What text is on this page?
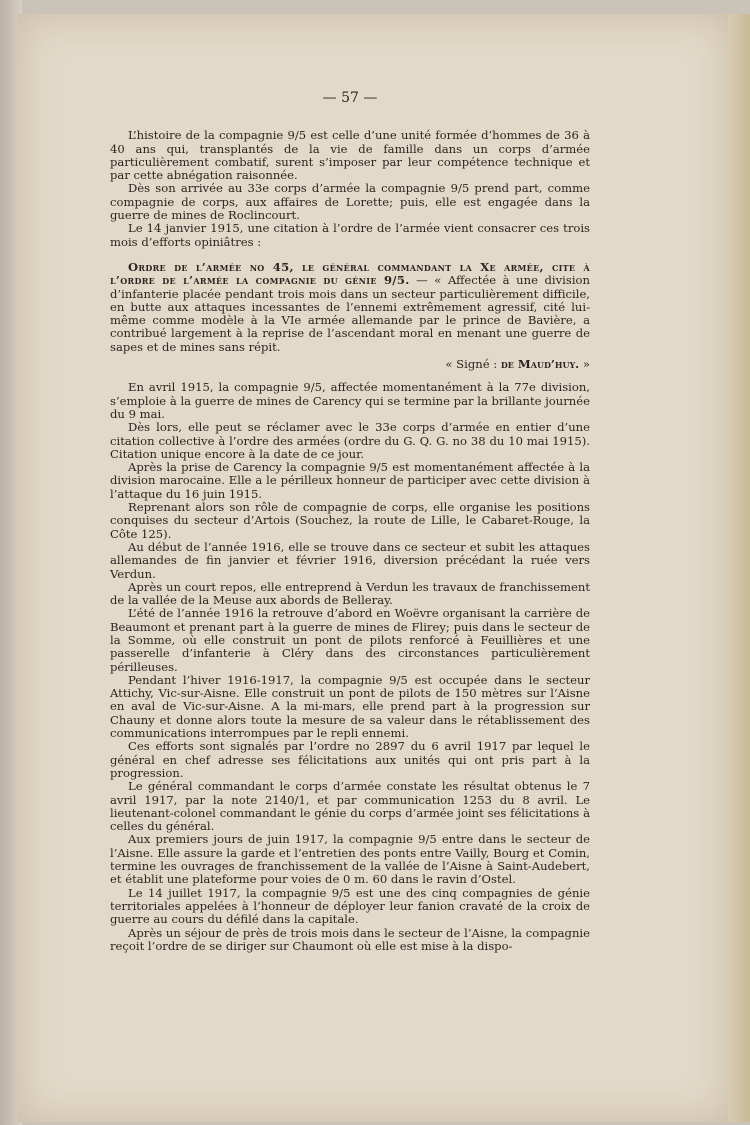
— 57 —

L’histoire de la compagnie 9/5 est celle d’une unité formée d’hommes de 36 à 40 ans qui, transplantés de la vie de famille dans un corps d’armée particulièrement combatif, surent s’imposer par leur compétence technique et par cette abnégation raisonnée.

Dès son arrivée au 33e corps d’armée la compagnie 9/5 prend part, comme compagnie de corps, aux affaires de Lorette; puis, elle est engagée dans la guerre de mines de Roclincourt.

Le 14 janvier 1915, une citation à l’ordre de l’armée vient consacrer ces trois mois d’efforts opiniâtres :

Ordre de l’armée no 45, le général commandant la Xe armée, cite à l’ordre de l’armée la compagnie du génie 9/5. — « Affectée à une division d’infanterie placée pendant trois mois dans un secteur particulièrement difficile, en butte aux attaques incessantes de l’ennemi extrêmement agressif, cité lui-même comme modèle à la VIe armée allemande par le prince de Bavière, a contribué largement à la reprise de l’ascendant moral en menant une guerre de sapes et de mines sans répit.

« Signé : de Maud’huy. »

En avril 1915, la compagnie 9/5, affectée momentanément à la 77e division, s’emploie à la guerre de mines de Carency qui se termine par la brillante journée du 9 mai.

Dès lors, elle peut se réclamer avec le 33e corps d’armée en entier d’une citation collective à l’ordre des armées (ordre du G. Q. G. no 38 du 10 mai 1915). Citation unique encore à la date de ce jour.

Après la prise de Carency la compagnie 9/5 est momentanément affectée à la division marocaine. Elle a le périlleux honneur de participer avec cette division à l’attaque du 16 juin 1915.

Reprenant alors son rôle de compagnie de corps, elle organise les positions conquises du secteur d’Artois (Souchez, la route de Lille, le Cabaret-Rouge, la Côte 125).

Au début de l’année 1916, elle se trouve dans ce secteur et subit les attaques allemandes de fin janvier et février 1916, diversion précédant la ruée vers Verdun.

Après un court repos, elle entreprend à Verdun les travaux de franchissement de la vallée de la Meuse aux abords de Belleray.

L’été de l’année 1916 la retrouve d’abord en Woëvre organisant la carrière de Beaumont et prenant part à la guerre de mines de Flirey; puis dans le secteur de la Somme, où elle construit un pont de pilots renforcé à Feuillières et une passerelle d’infanterie à Cléry dans des circonstances particulièrement périlleuses.

Pendant l’hiver 1916-1917, la compagnie 9/5 est occupée dans le secteur Attichy, Vic-sur-Aisne. Elle construit un pont de pilots de 150 mètres sur l’Aisne en aval de Vic-sur-Aisne. A la mi-mars, elle prend part à la progression sur Chauny et donne alors toute la mesure de sa valeur dans le rétablissement des communications interrompues par le repli ennemi.

Ces efforts sont signalés par l’ordre no 2897 du 6 avril 1917 par lequel le général en chef adresse ses félicitations aux unités qui ont pris part à la progression.

Le général commandant le corps d’armée constate les résultat obtenus le 7 avril 1917, par la note 2140/1, et par communication 1253 du 8 avril. Le lieutenant-colonel commandant le génie du corps d’armée joint ses félicitations à celles du général.

Aux premiers jours de juin 1917, la compagnie 9/5 entre dans le secteur de l’Aisne. Elle assure la garde et l’entretien des ponts entre Vailly, Bourg et Comin, termine les ouvrages de franchissement de la vallée de l’Aisne à Saint-Audebert, et établit une plateforme pour voies de 0 m. 60 dans le ravin d’Ostel.

Le 14 juillet 1917, la compagnie 9/5 est une des cinq compagnies de génie territoriales appelées à l’honneur de déployer leur fanion cravaté de la croix de guerre au cours du défilé dans la capitale.

Après un séjour de près de trois mois dans le secteur de l’Aisne, la compagnie reçoit l’ordre de se diriger sur Chaumont où elle est mise à la dispo-
